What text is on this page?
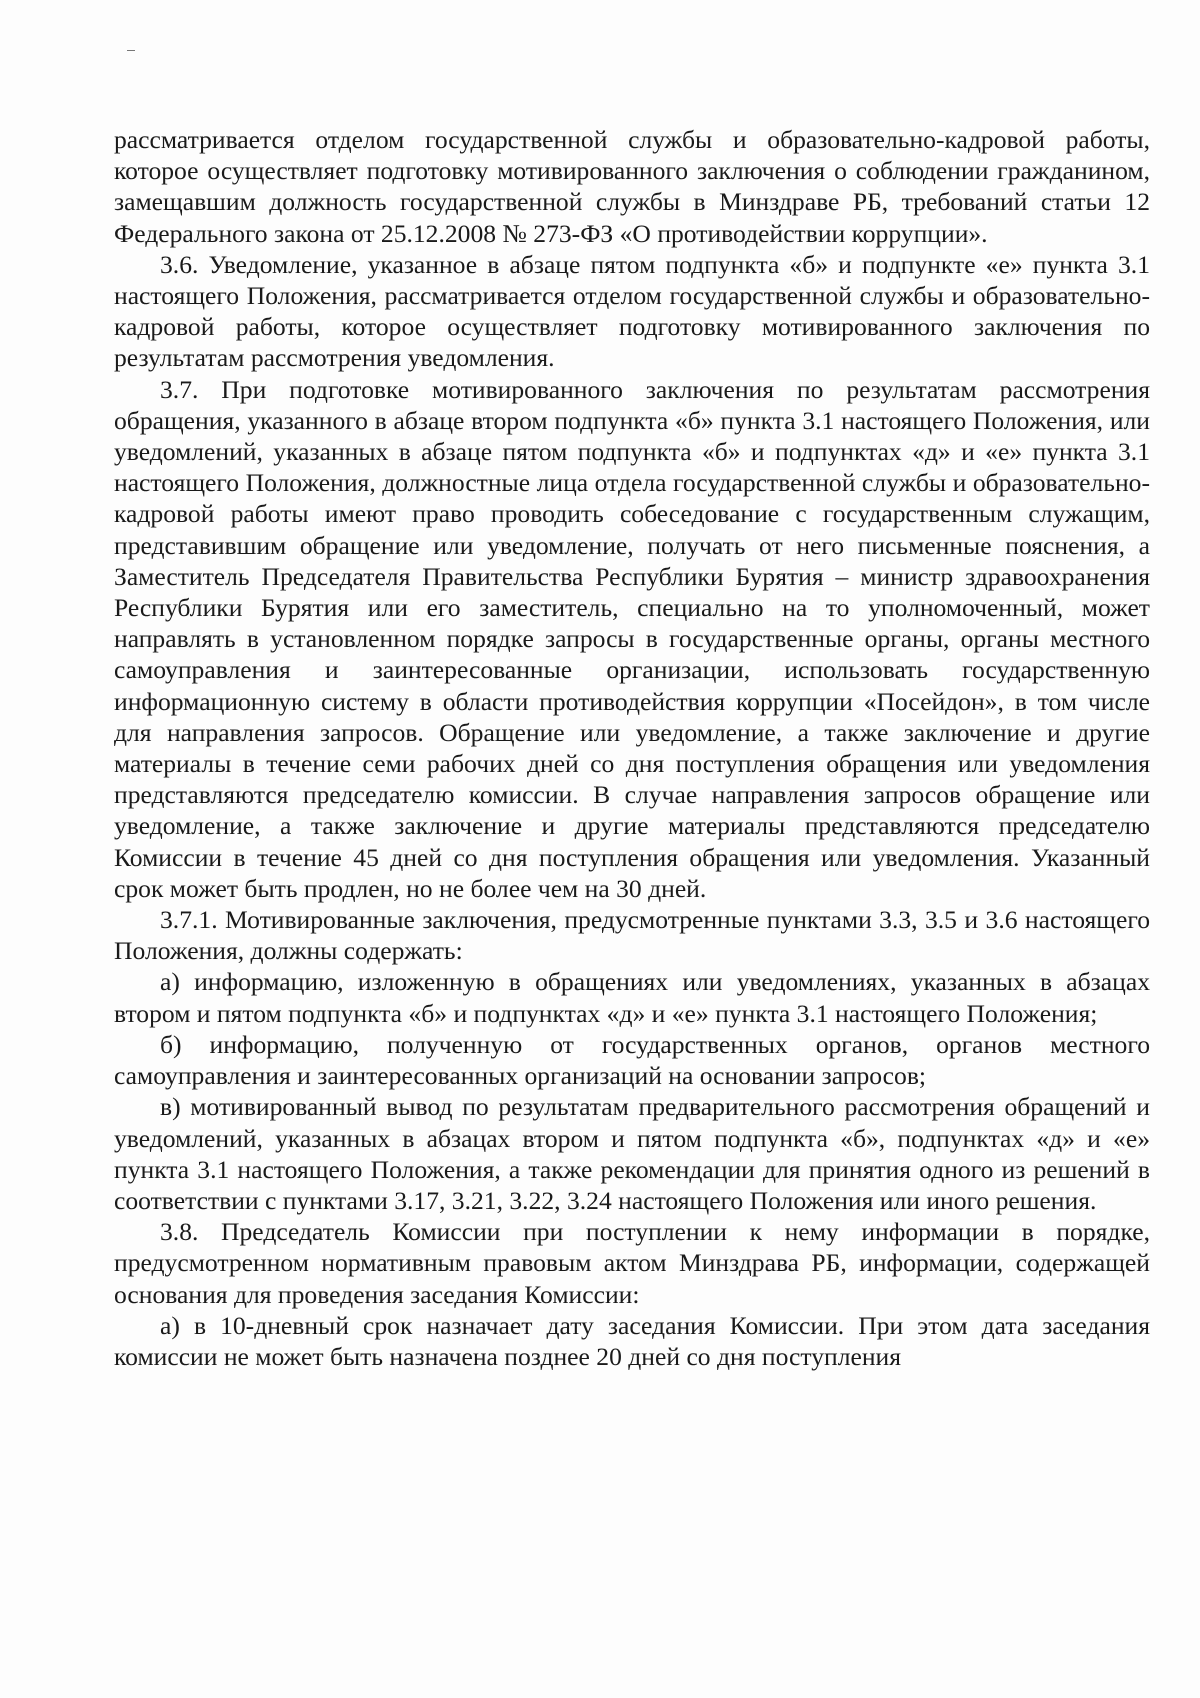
рассматривается отделом государственной службы и образовательно-кадровой работы, которое осуществляет подготовку мотивированного заключения о соблюдении гражданином, замещавшим должность государственной службы в Минздраве РБ, требований статьи 12 Федерального закона от 25.12.2008 № 273-ФЗ «О противодействии коррупции».

3.6. Уведомление, указанное в абзаце пятом подпункта «б» и подпункте «е» пункта 3.1 настоящего Положения, рассматривается отделом государственной службы и образовательно-кадровой работы, которое осуществляет подготовку мотивированного заключения по результатам рассмотрения уведомления.

3.7. При подготовке мотивированного заключения по результатам рассмотрения обращения, указанного в абзаце втором подпункта «б» пункта 3.1 настоящего Положения, или уведомлений, указанных в абзаце пятом подпункта «б» и подпунктах «д» и «е» пункта 3.1 настоящего Положения, должностные лица отдела государственной службы и образовательно-кадровой работы имеют право проводить собеседование с государственным служащим, представившим обращение или уведомление, получать от него письменные пояснения, а Заместитель Председателя Правительства Республики Бурятия – министр здравоохранения Республики Бурятия или его заместитель, специально на то уполномоченный, может направлять в установленном порядке запросы в государственные органы, органы местного самоуправления и заинтересованные организации, использовать государственную информационную систему в области противодействия коррупции «Посейдон», в том числе для направления запросов. Обращение или уведомление, а также заключение и другие материалы в течение семи рабочих дней со дня поступления обращения или уведомления представляются председателю комиссии. В случае направления запросов обращение или уведомление, а также заключение и другие материалы представляются председателю Комиссии в течение 45 дней со дня поступления обращения или уведомления. Указанный срок может быть продлен, но не более чем на 30 дней.

3.7.1. Мотивированные заключения, предусмотренные пунктами 3.3, 3.5 и 3.6 настоящего Положения, должны содержать:

а) информацию, изложенную в обращениях или уведомлениях, указанных в абзацах втором и пятом подпункта «б» и подпунктах «д» и «е» пункта 3.1 настоящего Положения;

б) информацию, полученную от государственных органов, органов местного самоуправления и заинтересованных организаций на основании запросов;

в) мотивированный вывод по результатам предварительного рассмотрения обращений и уведомлений, указанных в абзацах втором и пятом подпункта «б», подпунктах «д» и «е» пункта 3.1 настоящего Положения, а также рекомендации для принятия одного из решений в соответствии с пунктами 3.17, 3.21, 3.22, 3.24 настоящего Положения или иного решения.

3.8. Председатель Комиссии при поступлении к нему информации в порядке, предусмотренном нормативным правовым актом Минздрава РБ, информации, содержащей основания для проведения заседания Комиссии:

а) в 10-дневный срок назначает дату заседания Комиссии. При этом дата заседания комиссии не может быть назначена позднее 20 дней со дня поступления
